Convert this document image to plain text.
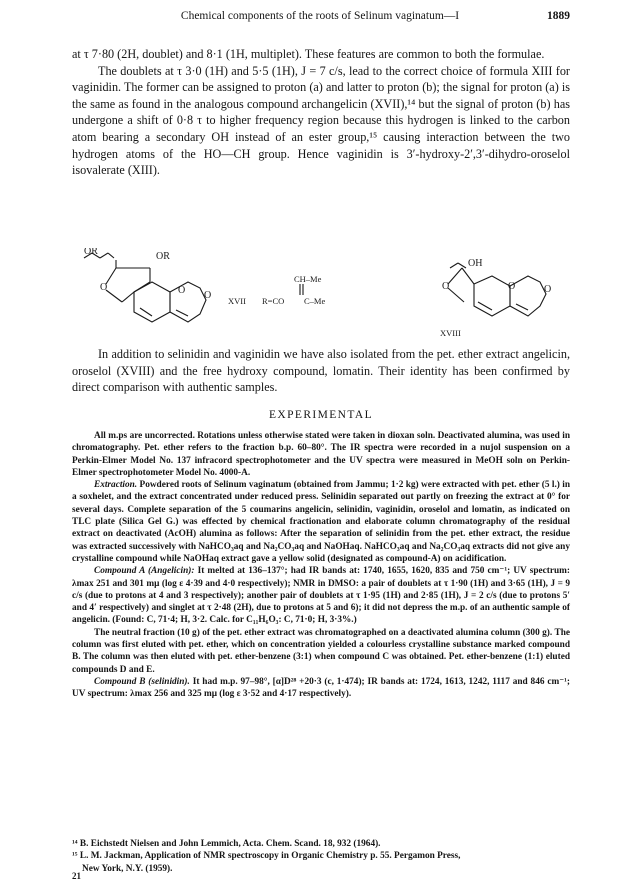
Chemical components of the roots of Selinum vaginatum—I	1889

at τ 7·80 (2H, doublet) and 8·1 (1H, multiplet). These features are common to both the formulae.

The doublets at τ 3·0 (1H) and 5·5 (1H), J = 7 c/s, lead to the correct choice of formula XIII for vaginidin. The former can be assigned to proton (a) and latter to proton (b); the signal for proton (a) is the same as found in the analogous compound archangelicin (XVII),¹⁴ but the signal of proton (b) has undergone a shift of 0·8 τ to higher frequency region because this hydrogen is linked to the carbon atom bearing a secondary OH instead of an ester group,¹⁵ causing interaction between the two hydrogen atoms of the HO—CH group. Hence vaginidin is 3′-hydroxy-2′,3′-dihydro-oroselol isovalerate (XIII).

OR	OR
O	O O XVII R=CO
CH–Me
C–Me
OH
O	O	O
XVIII

In addition to selinidin and vaginidin we have also isolated from the pet. ether extract angelicin, oroselol (XVIII) and the free hydroxy compound, lomatin. Their identity has been confirmed by direct comparison with authentic samples.

EXPERIMENTAL

All m.ps are uncorrected. Rotations unless otherwise stated were taken in dioxan soln. Deactivated alumina, was used in chromatography. Pet. ether refers to the fraction b.p. 60–80°. The IR spectra were recorded in a nujol suspension on a Perkin-Elmer Model No. 137 infracord spectrophotometer and the UV spectra were measured in MeOH soln on Perkin-Elmer spectrophotometer Model No. 4000-A.

Extraction. Powdered roots of Selinum vaginatum (obtained from Jammu; 1·2 kg) were extracted with pet. ether (5 l.) in a soxhelet, and the extract concentrated under reduced press. Selinidin separated out partly on freezing the extract at 0° for several days. Complete separation of the 5 coumarins angelicin, selinidin, vaginidin, oroselol and lomatin, as indicated on TLC plate (Silica Gel G.) was effected by chemical fractionation and elaborate column chromatography of the residual extract on deactivated (AcOH) alumina as follows: After the separation of selinidin from the pet. ether extract, the residue was extracted successively with NaHCO₃aq and Na₂CO₃aq and NaOHaq. NaHCO₃aq and Na₂CO₃aq extracts did not give any crystalline compound while NaOHaq extract gave a yellow solid (designated as compound-A) on acidification.

Compound A (Angelicin): It melted at 136–137°; had IR bands at: 1740, 1655, 1620, 835 and 750 cm⁻¹; UV spectrum: λmax 251 and 301 mμ (log ε 4·39 and 4·0 respectively); NMR in DMSO: a pair of doublets at τ 1·90 (1H) and 3·65 (1H), J = 9 c/s (due to protons at 4 and 3 respectively); another pair of doublets at τ 1·95 (1H) and 2·85 (1H), J = 2 c/s (due to protons 5′ and 4′ respectively) and singlet at τ 2·48 (2H), due to protons at 5 and 6); it did not depress the m.p. of an authentic sample of angelicin. (Found: C, 71·4; H, 3·2. Calc. for C₁₁H₆O₃: C, 71·0; H, 3·3%.)

The neutral fraction (10 g) of the pet. ether extract was chromatographed on a deactivated alumina column (300 g). The column was first eluted with pet. ether, which on concentration yielded a colourless crystalline substance marked compound B. The column was then eluted with pet. ether-benzene (3:1) when compound C was obtained. Pet. ether-benzene (1:1) eluted compounds D and E.

Compound B (selinidin). It had m.p. 97–98°, [α]D²⁸ +20·3 (c, 1·474); IR bands at: 1724, 1613, 1242, 1117 and 846 cm⁻¹; UV spectrum: λmax 256 and 325 mμ (log ε 3·52 and 4·17 respectively).

¹⁴ B. Eichstedt Nielsen and John Lemmich, Acta. Chem. Scand. 18, 932 (1964).

¹⁵ L. M. Jackman, Application of NMR spectroscopy in Organic Chemistry p. 55. Pergamon Press,

New York, N.Y. (1959).

21
